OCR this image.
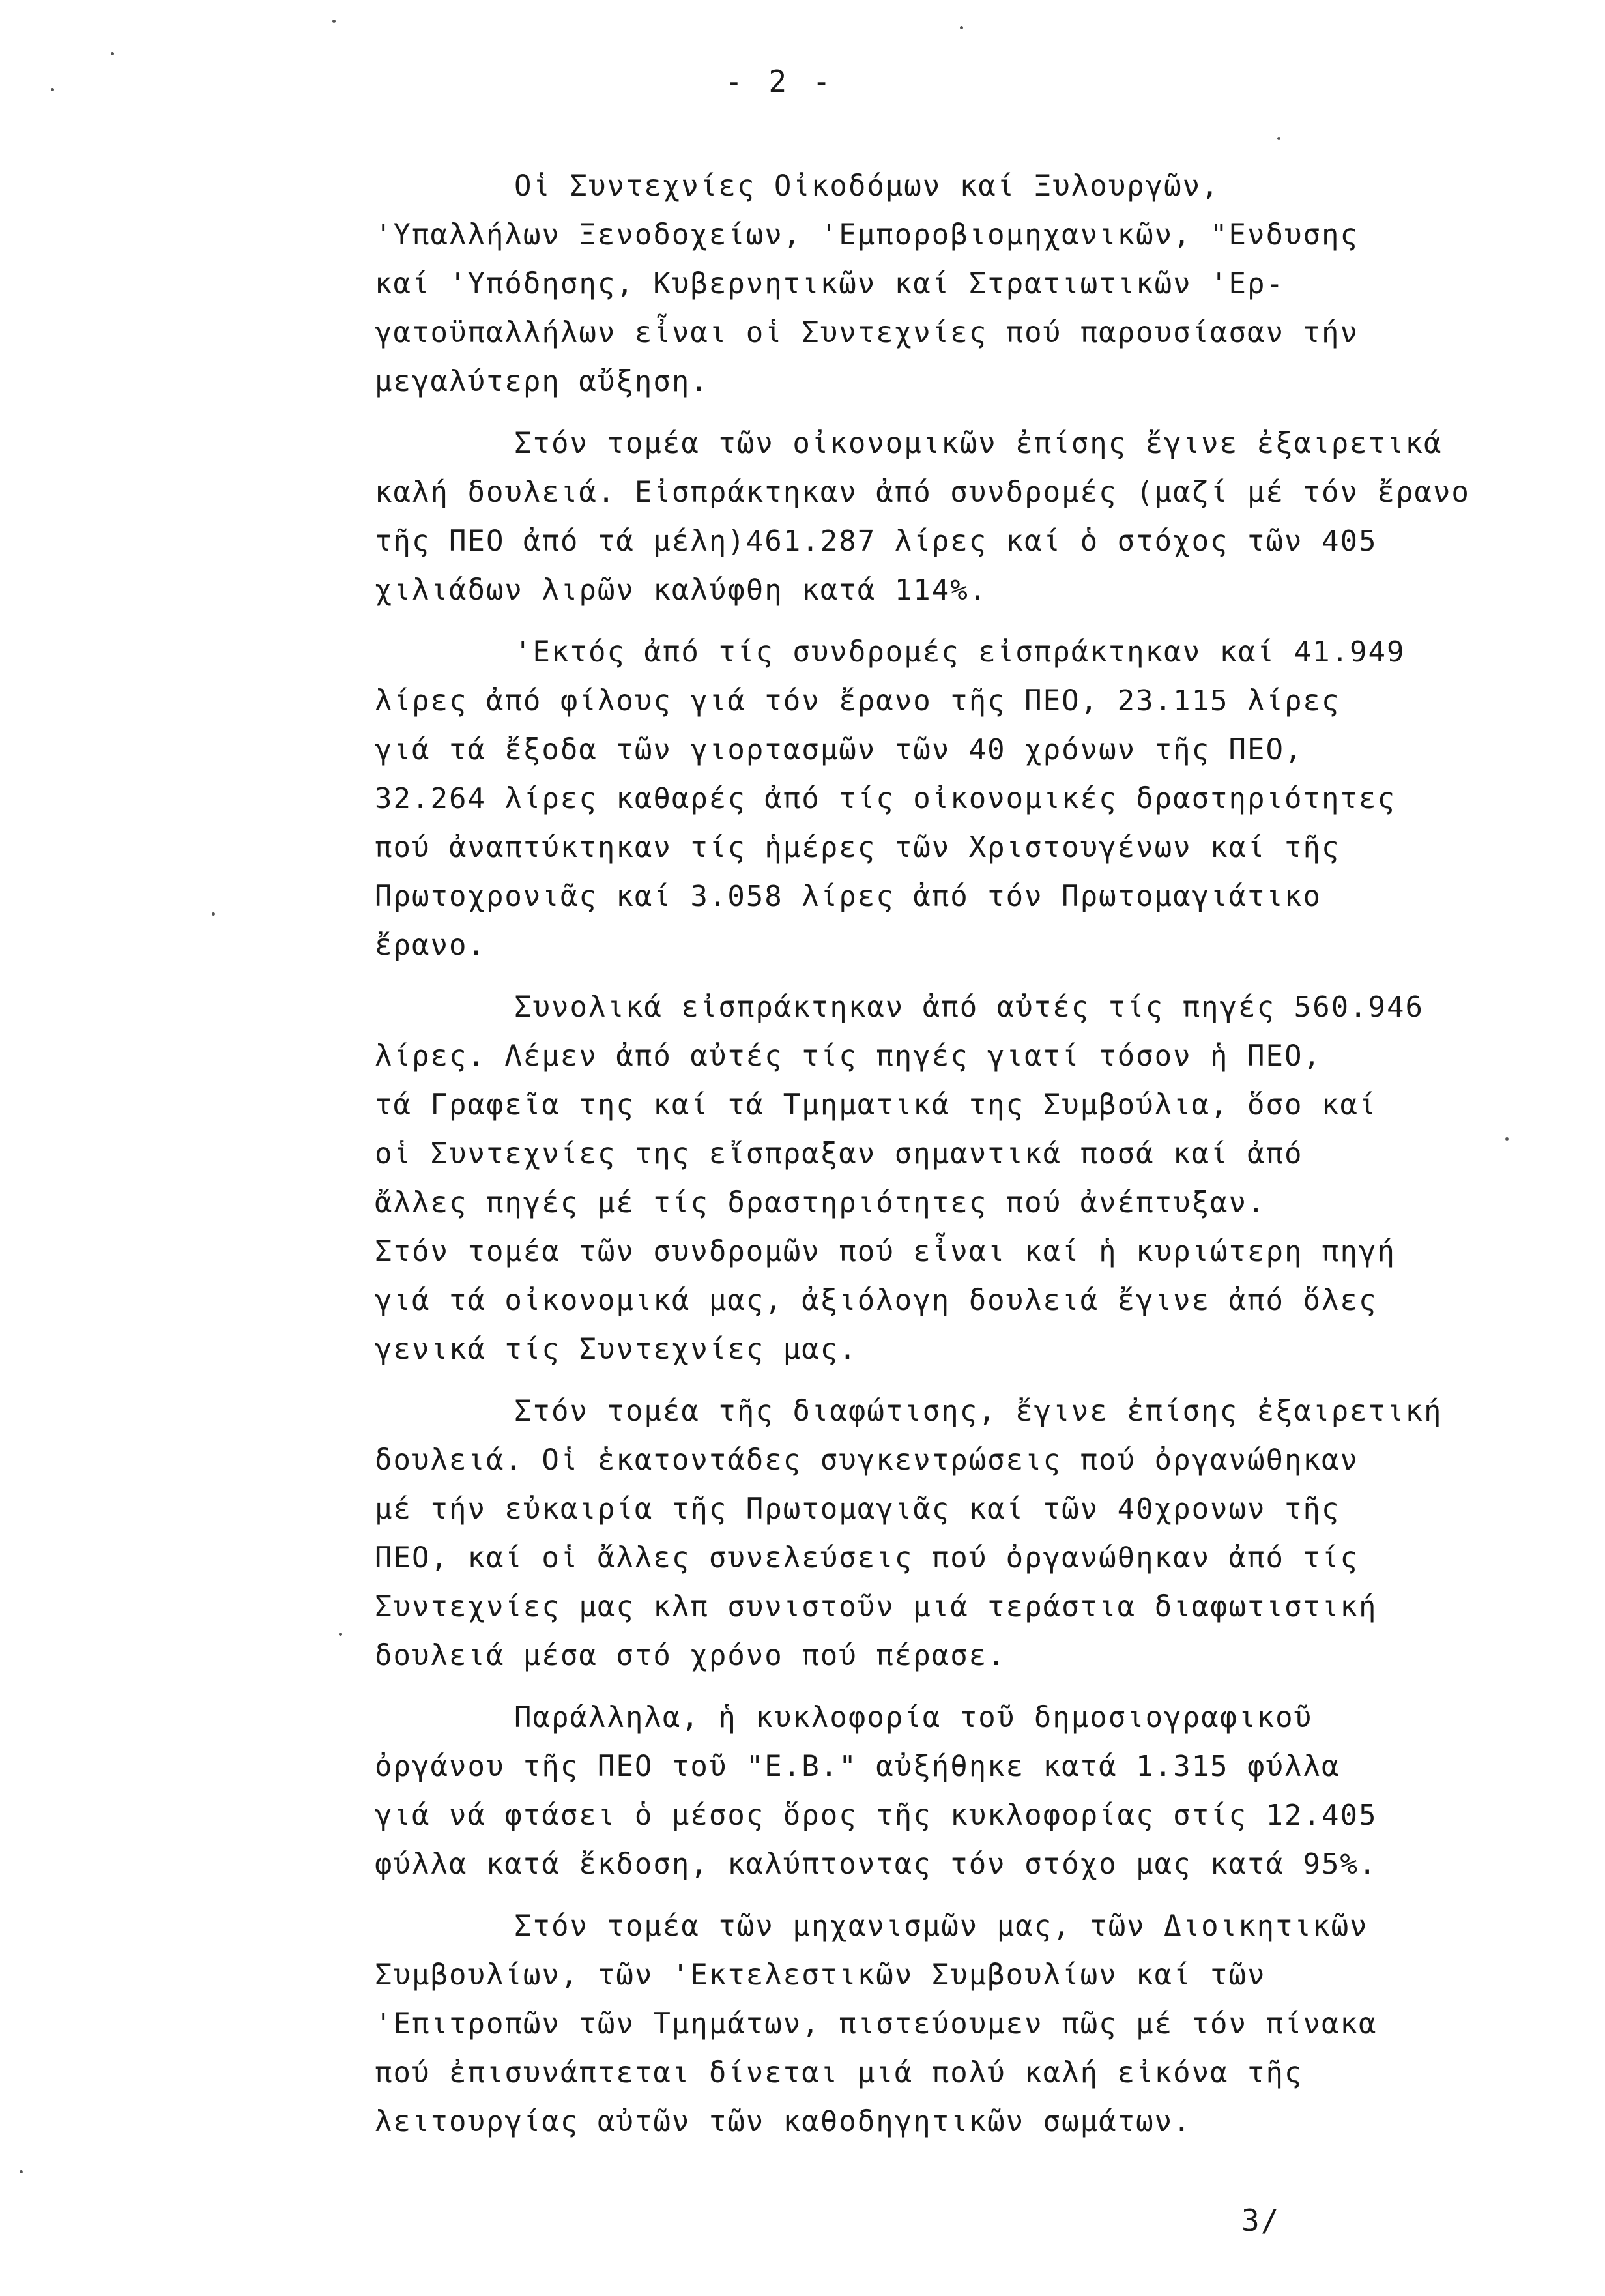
- 2 -
Οἱ Συντεχνίες Οἰκοδόμων καί Ξυλουργῶν,
'Υπαλλήλων Ξενοδοχείων, 'Εμποροβιομηχανικῶν, "Ενδυσης
καί 'Υπόδησης, Κυβερνητικῶν καί Στρατιωτικῶν 'Ερ-
γατοϋπαλλήλων εἶναι οἱ Συντεχνίες πού παρουσίασαν τήν
μεγαλύτερη αὔξηση.
Στόν τομέα τῶν οἰκονομικῶν ἐπίσης ἔγινε ἐξαιρετικά
καλή δουλειά. Εἰσπράκτηκαν ἀπό συνδρομές (μαζί μέ τόν ἔρανο
τῆς ΠΕΟ ἀπό τά μέλη)461.287 λίρες καί ὁ στόχος τῶν 405
χιλιάδων λιρῶν καλύφθη κατά 114%.
'Εκτός ἀπό τίς συνδρομές εἰσπράκτηκαν καί 41.949
λίρες ἀπό φίλους γιά τόν ἔρανο τῆς ΠΕΟ, 23.115 λίρες
γιά τά ἔξοδα τῶν γιορτασμῶν τῶν 40 χρόνων τῆς ΠΕΟ,
32.264 λίρες καθαρές ἀπό τίς οἰκονομικές δραστηριότητες
πού ἀναπτύκτηκαν τίς ἡμέρες τῶν Χριστουγένων καί τῆς
Πρωτοχρονιᾶς καί 3.058 λίρες ἀπό τόν Πρωτομαγιάτικο
ἔρανο.
Συνολικά εἰσπράκτηκαν ἀπό αὐτές τίς πηγές 560.946
λίρες. Λέμεν ἀπό αὐτές τίς πηγές γιατί τόσον ἡ ΠΕΟ,
τά Γραφεῖα της καί τά Τμηματικά της Συμβούλια, ὅσο καί
οἱ Συντεχνίες της εἴσπραξαν σημαντικά ποσά καί ἀπό
ἄλλες πηγές μέ τίς δραστηριότητες πού ἀνέπτυξαν.
Στόν τομέα τῶν συνδρομῶν πού εἶναι καί ἡ κυριώτερη πηγή
γιά τά οἰκονομικά μας, ἀξιόλογη δουλειά ἔγινε ἀπό ὅλες
γενικά τίς Συντεχνίες μας.
Στόν τομέα τῆς διαφώτισης, ἔγινε ἐπίσης ἐξαιρετική
δουλειά. Οἱ ἑκατοντάδες συγκεντρώσεις πού ὀργανώθηκαν
μέ τήν εὐκαιρία τῆς Πρωτομαγιᾶς καί τῶν 40χρονων τῆς
ΠΕΟ, καί οἱ ἄλλες συνελεύσεις πού ὀργανώθηκαν ἀπό τίς
Συντεχνίες μας κλπ συνιστοῦν μιά τεράστια διαφωτιστική
δουλειά μέσα στό χρόνο πού πέρασε.
Παράλληλα, ἡ κυκλοφορία τοῦ δημοσιογραφικοῦ
ὀργάνου τῆς ΠΕΟ τοῦ "Ε.Β." αὐξήθηκε κατά 1.315 φύλλα
γιά νά φτάσει ὁ μέσος ὅρος τῆς κυκλοφορίας στίς 12.405
φύλλα κατά ἔκδοση, καλύπτοντας τόν στόχο μας κατά 95%.
Στόν τομέα τῶν μηχανισμῶν μας, τῶν Διοικητικῶν
Συμβουλίων, τῶν 'Εκτελεστικῶν Συμβουλίων καί τῶν
'Επιτροπῶν τῶν Τμημάτων, πιστεύουμεν πῶς μέ τόν πίνακα
πού ἐπισυνάπτεται δίνεται μιά πολύ καλή εἰκόνα τῆς
λειτουργίας αὐτῶν τῶν καθοδηγητικῶν σωμάτων.
3/
